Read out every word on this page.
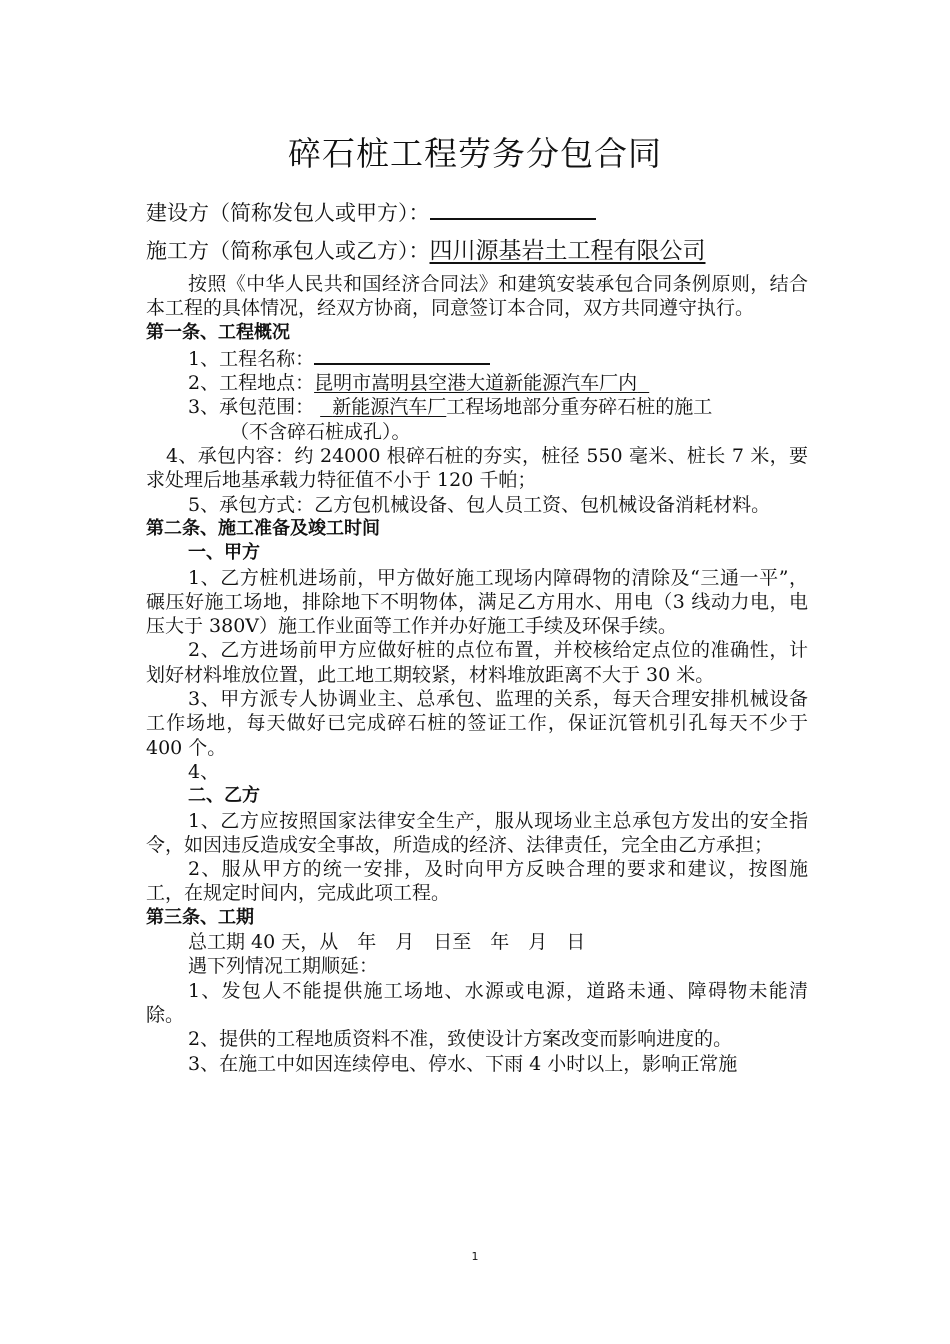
碎石桩工程劳务分包合同
建设方（简称发包人或甲方）：
施工方（简称承包人或乙方）：四川源基岩土工程有限公司
按照《中华人民共和国经济合同法》和建筑安装承包合同条例原则，结合本工程的具体情况，经双方协商，同意签订本合同，双方共同遵守执行。
第一条、工程概况
1、工程名称：
2、工程地点：昆明市嵩明县空港大道新能源汽车厂内
3、承包范围： 新能源汽车厂工程场地部分重夯碎石桩的施工
（不含碎石桩成孔）。
4、承包内容：约 24000 根碎石桩的夯实，桩径 550 毫米、桩长 7 米，要求处理后地基承载力特征值不小于 120 千帕；
5、承包方式：乙方包机械设备、包人员工资、包机械设备消耗材料。
第二条、施工准备及竣工时间
一、甲方
1、乙方桩机进场前，甲方做好施工现场内障碍物的清除及“三通一平”，碾压好施工场地，排除地下不明物体，满足乙方用水、用电（3 线动力电，电压大于 380V）施工作业面等工作并办好施工手续及环保手续。
2、乙方进场前甲方应做好桩的点位布置，并校核给定点位的准确性，计划好材料堆放位置，此工地工期较紧，材料堆放距离不大于 30 米。
3、甲方派专人协调业主、总承包、监理的关系，每天合理安排机械设备工作场地，每天做好已完成碎石桩的签证工作，保证沉管机引孔每天不少于 400 个。
4、
二、乙方
1、乙方应按照国家法律安全生产，服从现场业主总承包方发出的安全指令，如因违反造成安全事故，所造成的经济、法律责任，完全由乙方承担；
2、服从甲方的统一安排，及时向甲方反映合理的要求和建议，按图施工，在规定时间内，完成此项工程。
第三条、工期
总工期 40 天，从　年　月　日至　年　月　日
遇下列情况工期顺延：
1、发包人不能提供施工场地、水源或电源，道路未通、障碍物未能清除。
2、提供的工程地质资料不准，致使设计方案改变而影响进度的。
3、在施工中如因连续停电、停水、下雨 4 小时以上，影响正常施
1
